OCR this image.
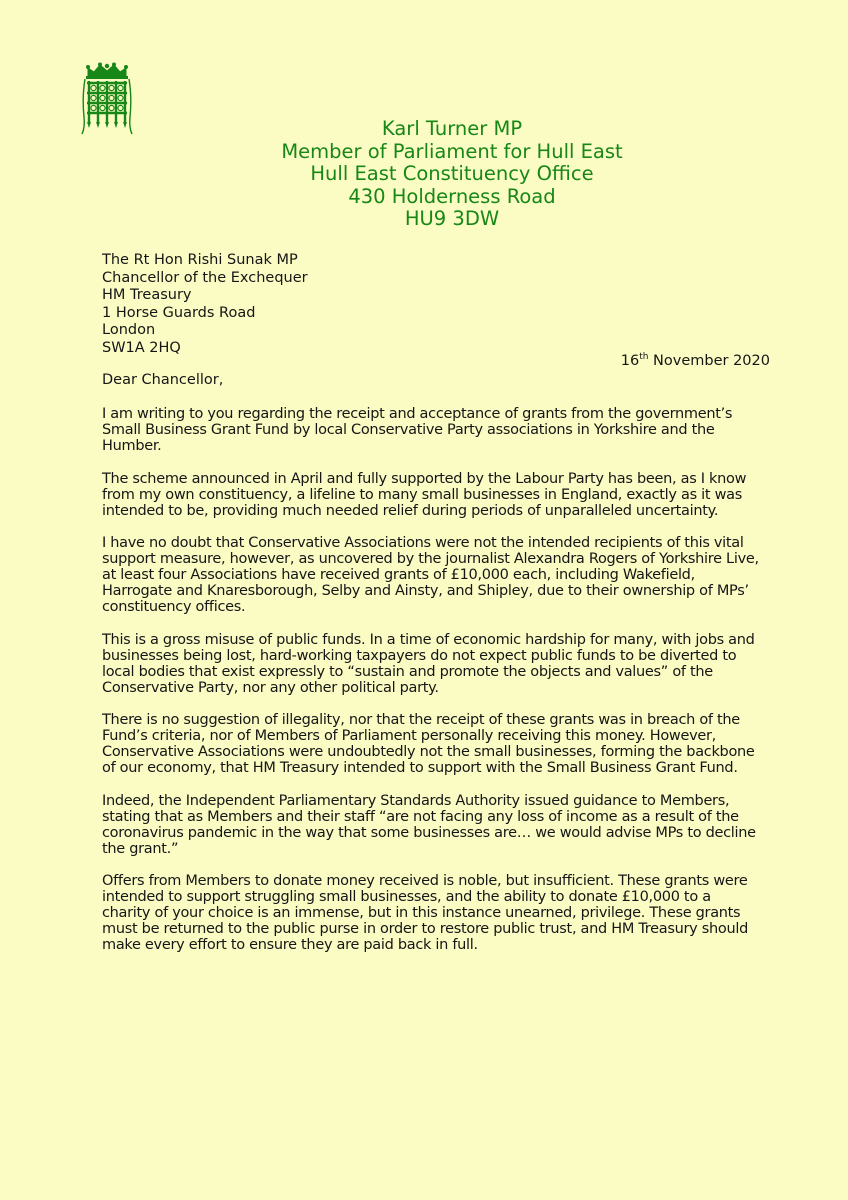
Karl Turner MP
Member of Parliament for Hull East
Hull East Constituency Office
430 Holderness Road
HU9 3DW
The Rt Hon Rishi Sunak MP
Chancellor of the Exchequer
HM Treasury
1 Horse Guards Road
London
SW1A 2HQ
16th November 2020
Dear Chancellor,

I am writing to you regarding the receipt and acceptance of grants from the government’s Small Business Grant Fund by local Conservative Party associations in Yorkshire and the Humber.

The scheme announced in April and fully supported by the Labour Party has been, as I know from my own constituency, a lifeline to many small businesses in England, exactly as it was intended to be, providing much needed relief during periods of unparalleled uncertainty.

I have no doubt that Conservative Associations were not the intended recipients of this vital support measure, however, as uncovered by the journalist Alexandra Rogers of Yorkshire Live, at least four Associations have received grants of £10,000 each, including Wakefield, Harrogate and Knaresborough, Selby and Ainsty, and Shipley, due to their ownership of MPs’ constituency offices.

This is a gross misuse of public funds. In a time of economic hardship for many, with jobs and businesses being lost, hard-working taxpayers do not expect public funds to be diverted to local bodies that exist expressly to “sustain and promote the objects and values” of the Conservative Party, nor any other political party.

There is no suggestion of illegality, nor that the receipt of these grants was in breach of the Fund’s criteria, nor of Members of Parliament personally receiving this money. However, Conservative Associations were undoubtedly not the small businesses, forming the backbone of our economy, that HM Treasury intended to support with the Small Business Grant Fund.

Indeed, the Independent Parliamentary Standards Authority issued guidance to Members, stating that as Members and their staff “are not facing any loss of income as a result of the coronavirus pandemic in the way that some businesses are… we would advise MPs to decline the grant.”

Offers from Members to donate money received is noble, but insufficient. These grants were intended to support struggling small businesses, and the ability to donate £10,000 to a charity of your choice is an immense, but in this instance unearned, privilege. These grants must be returned to the public purse in order to restore public trust, and HM Treasury should make every effort to ensure they are paid back in full.
